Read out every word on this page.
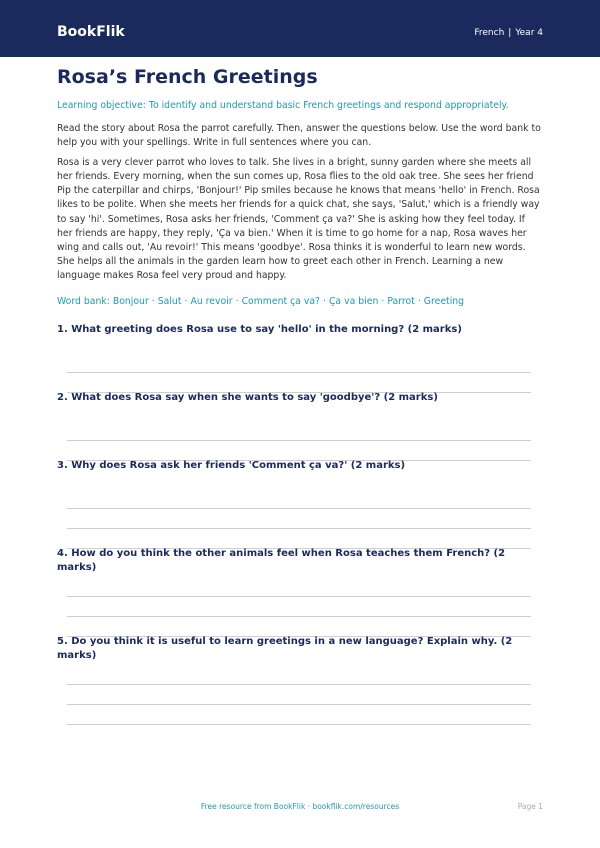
BookFlik	French | Year 4
Rosa’s French Greetings
Learning objective: To identify and understand basic French greetings and respond appropriately.
Read the story about Rosa the parrot carefully. Then, answer the questions below. Use the word bank to help you with your spellings. Write in full sentences where you can.
Rosa is a very clever parrot who loves to talk. She lives in a bright, sunny garden where she meets all her friends. Every morning, when the sun comes up, Rosa flies to the old oak tree. She sees her friend Pip the caterpillar and chirps, 'Bonjour!' Pip smiles because he knows that means 'hello' in French. Rosa likes to be polite. When she meets her friends for a quick chat, she says, 'Salut,' which is a friendly way to say 'hi'. Sometimes, Rosa asks her friends, 'Comment ça va?' She is asking how they feel today. If her friends are happy, they reply, 'Ça va bien.' When it is time to go home for a nap, Rosa waves her wing and calls out, 'Au revoir!' This means 'goodbye'. Rosa thinks it is wonderful to learn new words. She helps all the animals in the garden learn how to greet each other in French. Learning a new language makes Rosa feel very proud and happy.
Word bank: Bonjour · Salut · Au revoir · Comment ça va? · Ça va bien · Parrot · Greeting
1. What greeting does Rosa use to say 'hello' in the morning? (2 marks)
2. What does Rosa say when she wants to say 'goodbye'? (2 marks)
3. Why does Rosa ask her friends 'Comment ça va?' (2 marks)
4. How do you think the other animals feel when Rosa teaches them French? (2 marks)
5. Do you think it is useful to learn greetings in a new language? Explain why. (2 marks)
Free resource from BookFlik · bookflik.com/resources	Page 1
